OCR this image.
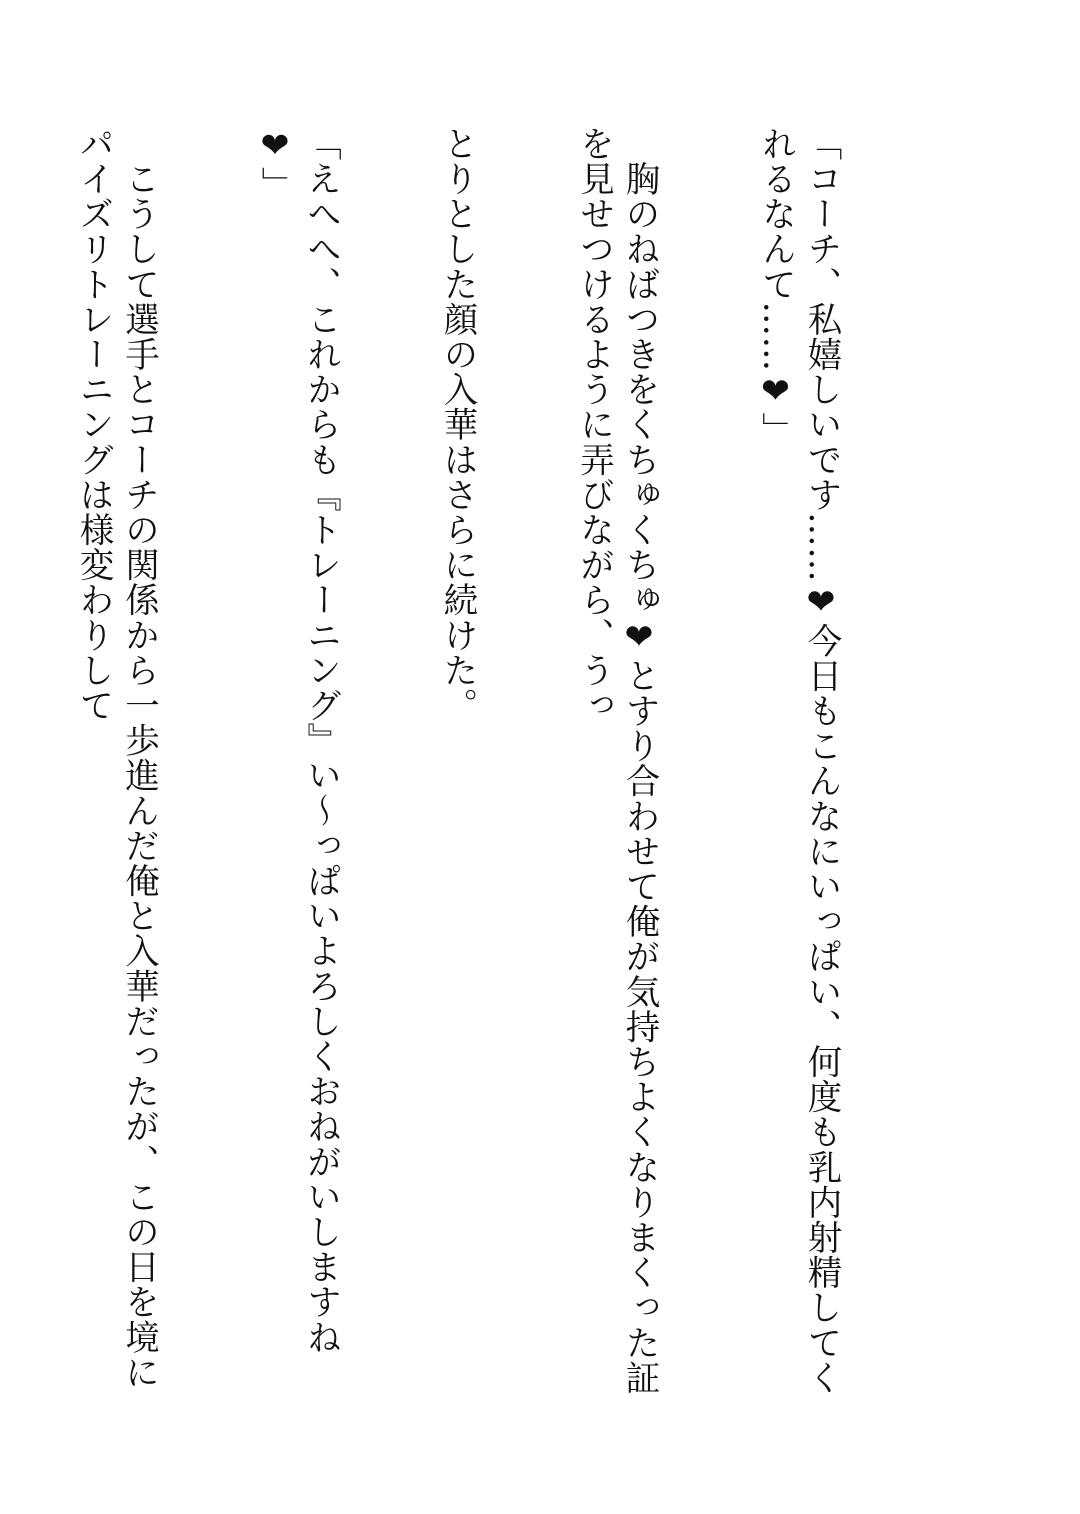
「コーチ、私嬉しいです……❤今日もこんなにいっぱい、何度も乳内射精してくれるなんて……❤」

　胸のねばつきをくちゅくちゅ❤とすり合わせて俺が気持ちよくなりまくった証を見せつけるように弄びながら、うっ

とりとした顔の入華はさらに続けた。

「えへへ、これからも『トレーニング』い～っぱいよろしくおねがいしますね❤」

　こうして選手とコーチの関係から一歩進んだ俺と入華だったが、この日を境にパイズリトレーニングは様変わりして
